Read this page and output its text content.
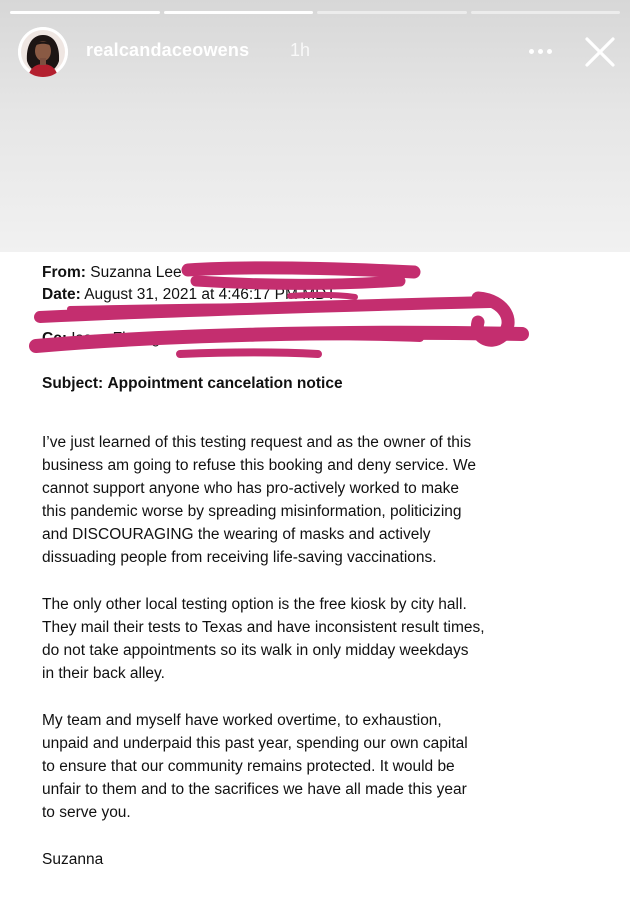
realcandaceowens 1h
From: Suzanna Lee <
Date: August 31, 2021 at 4:46:17 PM MDT
Cc: Isaac Flanagan <
Subject: Appointment cancelation notice

I’ve just learned of this testing request and as the owner of this

business am going to refuse this booking and deny service. We

cannot support anyone who has pro-actively worked to make

this pandemic worse by spreading misinformation, politicizing

and DISCOURAGING the wearing of masks and actively

dissuading people from receiving life-saving vaccinations.

The only other local testing option is the free kiosk by city hall.

They mail their tests to Texas and have inconsistent result times,

do not take appointments so its walk in only midday weekdays

in their back alley.

My team and myself have worked overtime, to exhaustion,

unpaid and underpaid this past year, spending our own capital

to ensure that our community remains protected. It would be

unfair to them and to the sacrifices we have all made this year

to serve you.

Suzanna
